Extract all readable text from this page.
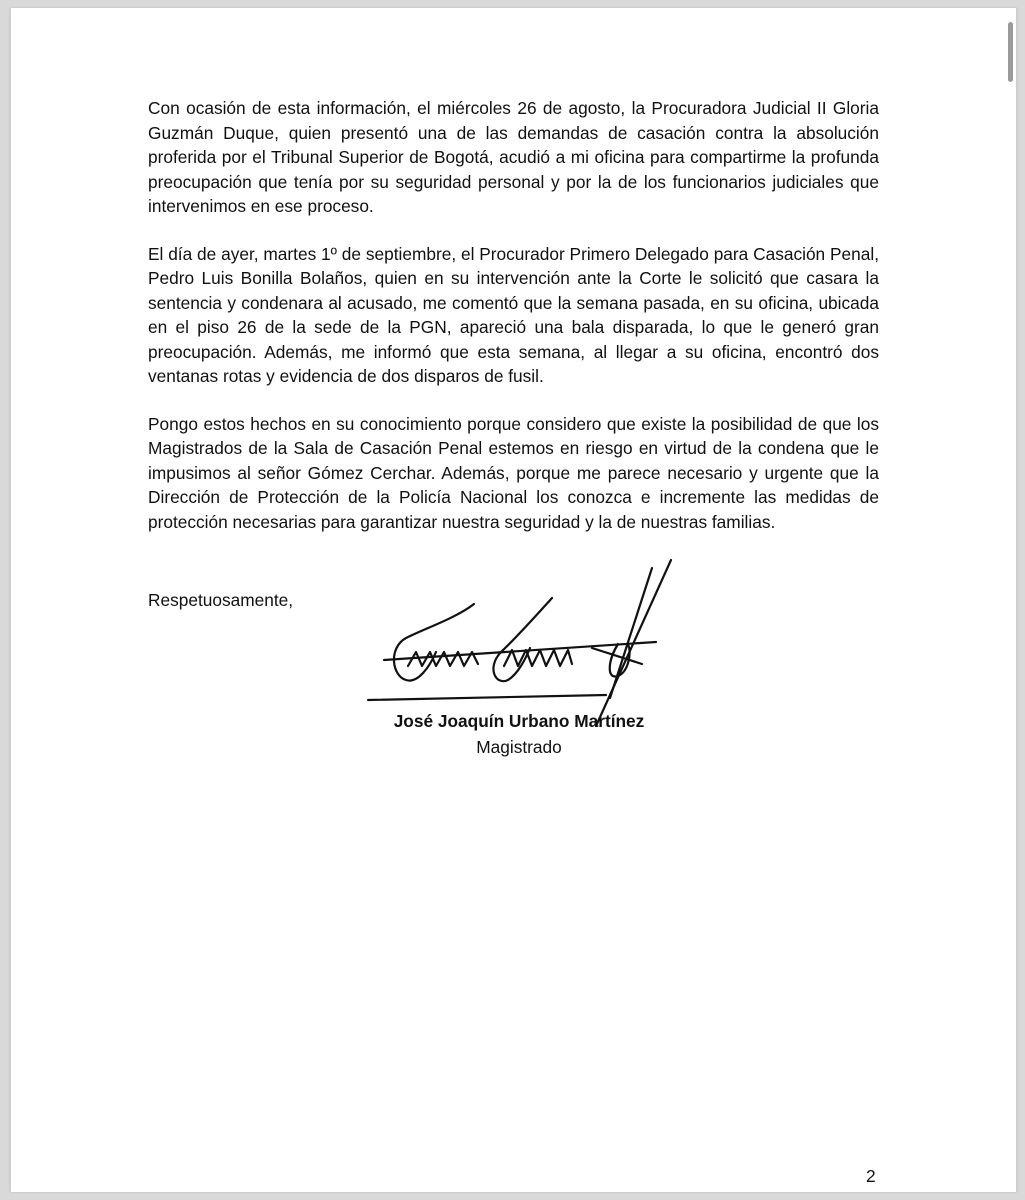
Con ocasión de esta información, el miércoles 26 de agosto, la Procuradora Judicial II Gloria Guzmán Duque, quien presentó una de las demandas de casación contra la absolución proferida por el Tribunal Superior de Bogotá, acudió a mi oficina para compartirme la profunda preocupación que tenía por su seguridad personal y por la de los funcionarios judiciales que intervenimos en ese proceso.

El día de ayer, martes 1º de septiembre, el Procurador Primero Delegado para Casación Penal, Pedro Luis Bonilla Bolaños, quien en su intervención ante la Corte le solicitó que casara la sentencia y condenara al acusado, me comentó que la semana pasada, en su oficina, ubicada en el piso 26 de la sede de la PGN, apareció una bala disparada, lo que le generó gran preocupación. Además, me informó que esta semana, al llegar a su oficina, encontró dos ventanas rotas y evidencia de dos disparos de fusil.

Pongo estos hechos en su conocimiento porque considero que existe la posibilidad de que los Magistrados de la Sala de Casación Penal estemos en riesgo en virtud de la condena que le impusimos al señor Gómez Cerchar. Además, porque me parece necesario y urgente que la Dirección de Protección de la Policía Nacional los conozca e incremente las medidas de protección necesarias para garantizar nuestra seguridad y la de nuestras familias.

Respetuosamente,

José Joaquín Urbano Martínez

Magistrado

2
